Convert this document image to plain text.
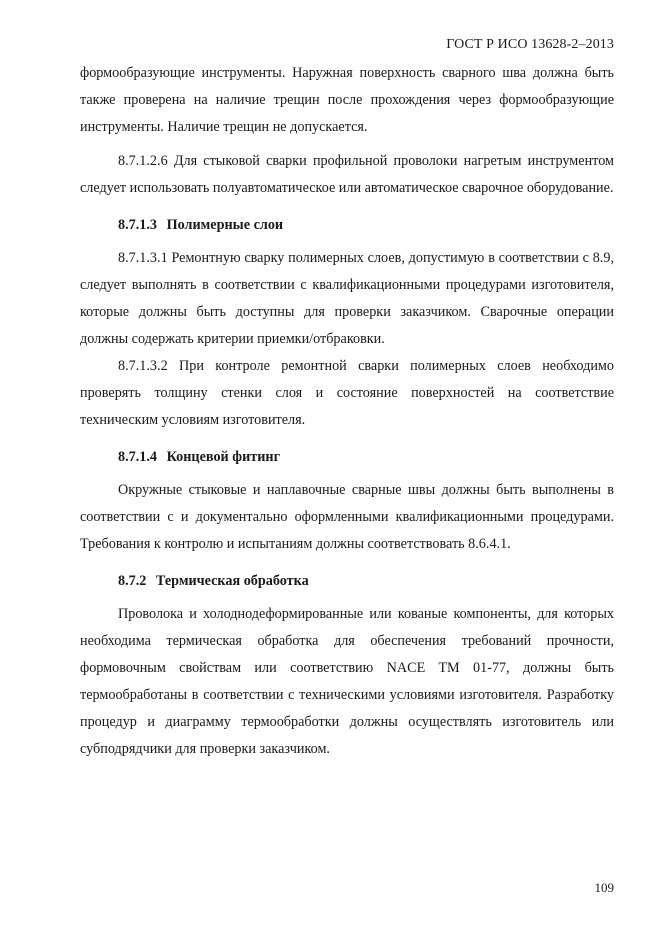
ГОСТ Р ИСО 13628-2–2013

формообразующие инструменты. Наружная поверхность сварного шва должна быть также проверена на наличие трещин после прохождения через формообразующие инструменты. Наличие трещин не допускается.

8.7.1.2.6 Для стыковой сварки профильной проволоки нагретым инструментом следует использовать полуавтоматическое или автоматическое сварочное оборудование.

8.7.1.3 Полимерные слои

8.7.1.3.1 Ремонтную сварку полимерных слоев, допустимую в соответствии с 8.9, следует выполнять в соответствии с квалификационными процедурами изготовителя, которые должны быть доступны для проверки заказчиком. Сварочные операции должны содержать критерии приемки/отбраковки.

8.7.1.3.2 При контроле ремонтной сварки полимерных слоев необходимо проверять толщину стенки слоя и состояние поверхностей на соответствие техническим условиям изготовителя.

8.7.1.4 Концевой фитинг

Окружные стыковые и наплавочные сварные швы должны быть выполнены в соответствии с и документально оформленными квалификационными процедурами. Требования к контролю и испытаниям должны соответствовать 8.6.4.1.

8.7.2 Термическая обработка

Проволока и холоднодеформированные или кованые компоненты, для которых необходима термическая обработка для обеспечения требований прочности, формовочным свойствам или соответствию NACE TM 01-77, должны быть термообработаны в соответствии с техническими условиями изготовителя. Разработку процедур и диаграмму термообработки должны осуществлять изготовитель или субподрядчики для проверки заказчиком.

109
